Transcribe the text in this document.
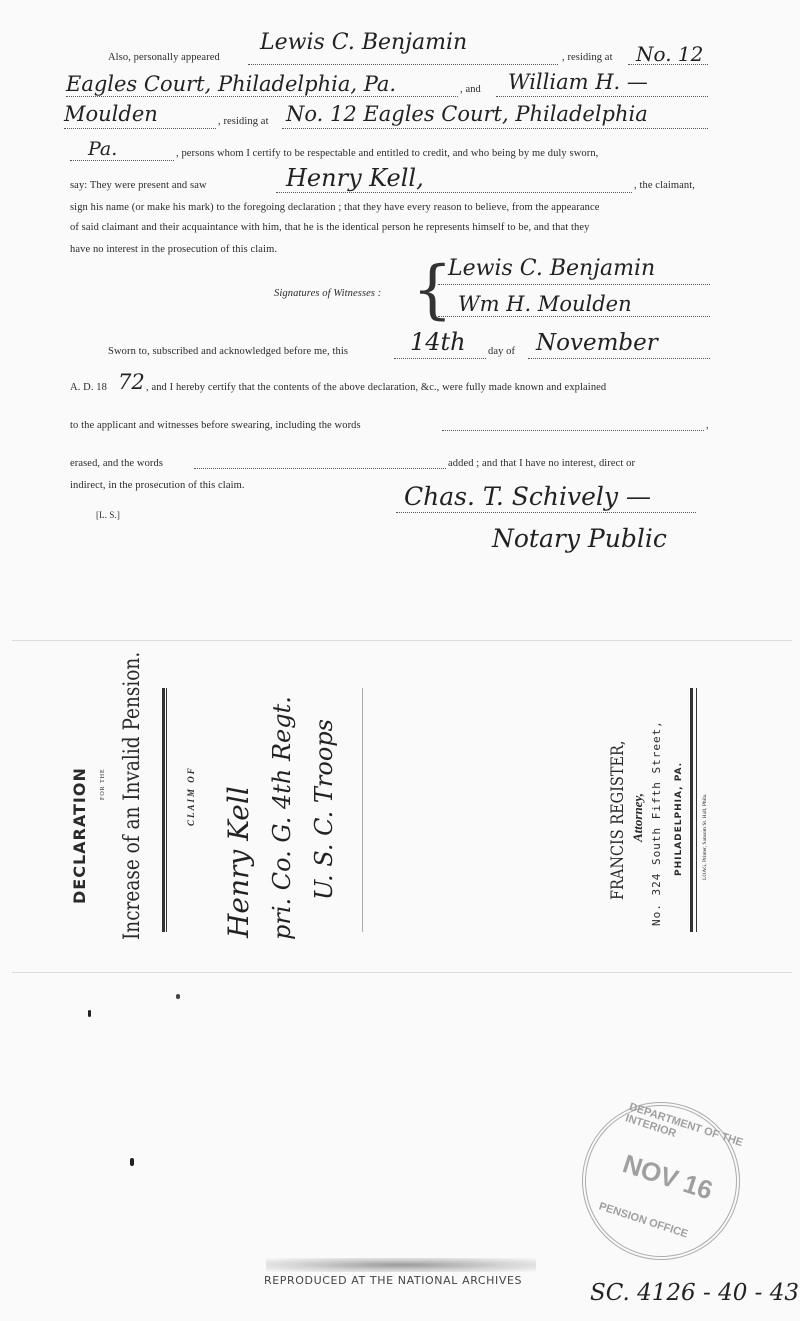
Also, personally appeared
Lewis C. Benjamin
, residing at No. 12
Eagles Court, Philadelphia, Pa.	, and William H. —
Moulden	, residing at No. 12 Eagles Court, Philadelphia
Pa.	, persons whom I certify to be respectable and entitled to credit, and who being by me duly sworn,
say: They were present and saw	Henry Kell,	, the claimant,
sign his name (or make his mark) to the foregoing declaration ; that they have every reason to believe, from the appearance
of said claimant and their acquaintance with him, that he is the identical person he represents himself to be, and that they
have no interest in the prosecution of this claim.
Signatures of Witnesses : {
Lewis C. Benjamin
Wm H. Moulden
Sworn to, subscribed and acknowledged before me, this	14th day of November
A. D. 18 72 , and I hereby certify that the contents of the above declaration, &c., were fully made known and explained
to the applicant and witnesses before swearing, including the words	,
erased, and the words	added ; and that I have no interest, direct or
indirect, in the prosecution of this claim.
[L. S.]
Chas. T. Schively —
Notary Public
DECLARATION FOR THE Increase of an Invalid Pension.	CLAIM OF Henry Kell pri. Co. G. 4th Regt. U. S. C. Troops	FRANCIS REGISTER, Attorney, No. 324 South Fifth Street, PHILADELPHIA, PA.	LOAG, Printer, Sansom St. Hall, Phila.
DEPARTMENT OF THE INTERIOR
NOV 16
PENSION OFFICE
REPRODUCED AT THE NATIONAL ARCHIVES	SC. 4126 - 40 - 43
